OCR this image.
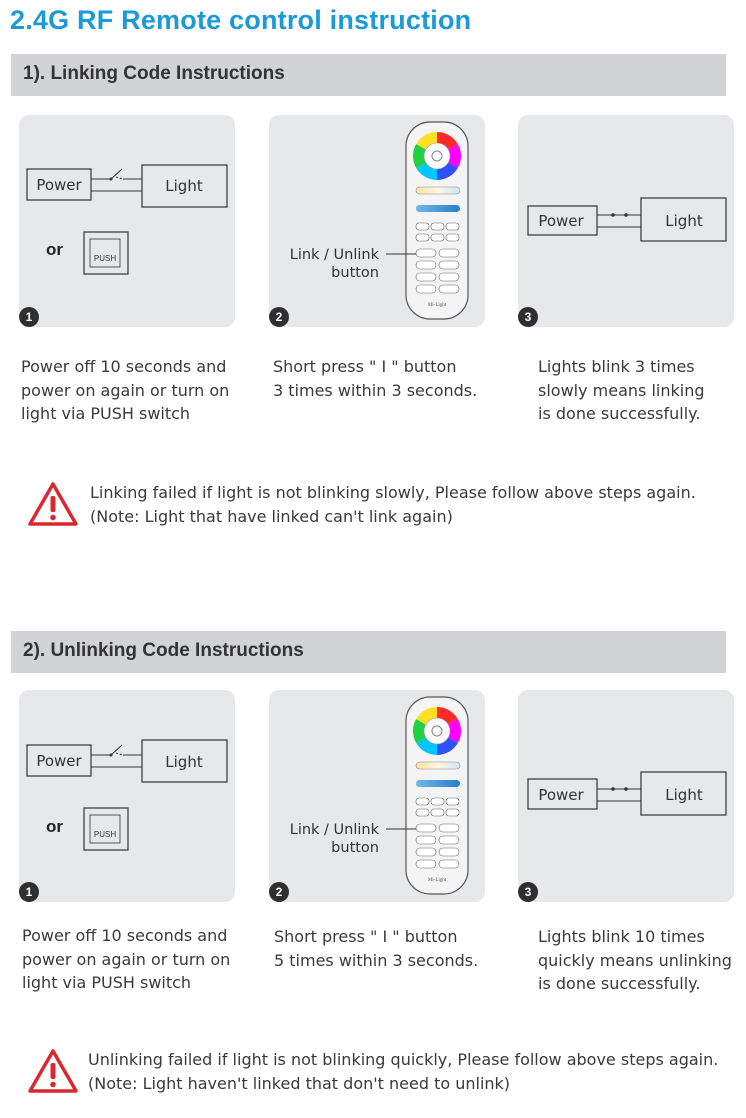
2.4G RF Remote control instruction
1). Linking Code Instructions
Power	Light
or	PUSH
1
Mi-Light
Link / Unlink
button
2
Power	Light
3
Power off 10 seconds and
power on again or turn on
light via PUSH switch
Short press " I " button
3 times within 3 seconds.
Lights blink 3 times
slowly means linking
is done successfully.
Linking failed if light is not blinking slowly, Please follow above steps again.
(Note: Light that have linked can't link again)
2). Unlinking Code Instructions
Power	Light
or	PUSH
1
Mi-Light
Link / Unlink
button
2
Power	Light
3
Power off 10 seconds and
power on again or turn on
light via PUSH switch
Short press " I " button
5 times within 3 seconds.
Lights blink 10 times
quickly means unlinking
is done successfully.
Unlinking failed if light is not blinking quickly, Please follow above steps again.
(Note: Light haven't linked that don't need to unlink)
